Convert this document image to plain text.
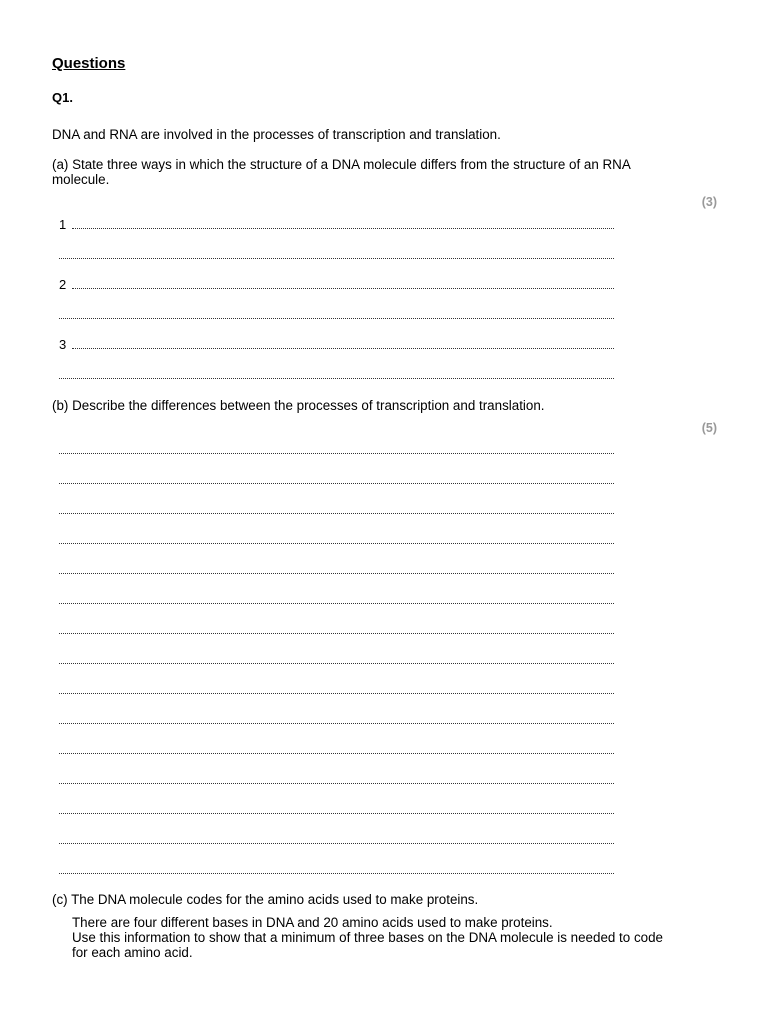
Questions
Q1.
DNA and RNA are involved in the processes of transcription and translation.
(a) State three ways in which the structure of a DNA molecule differs from the structure of an RNA
molecule.
(3)
1
2
3
(b) Describe the differences between the processes of transcription and translation.
(5)
(c) The DNA molecule codes for the amino acids used to make proteins.
There are four different bases in DNA and 20 amino acids used to make proteins.
Use this information to show that a minimum of three bases on the DNA molecule is needed to code
for each amino acid.
